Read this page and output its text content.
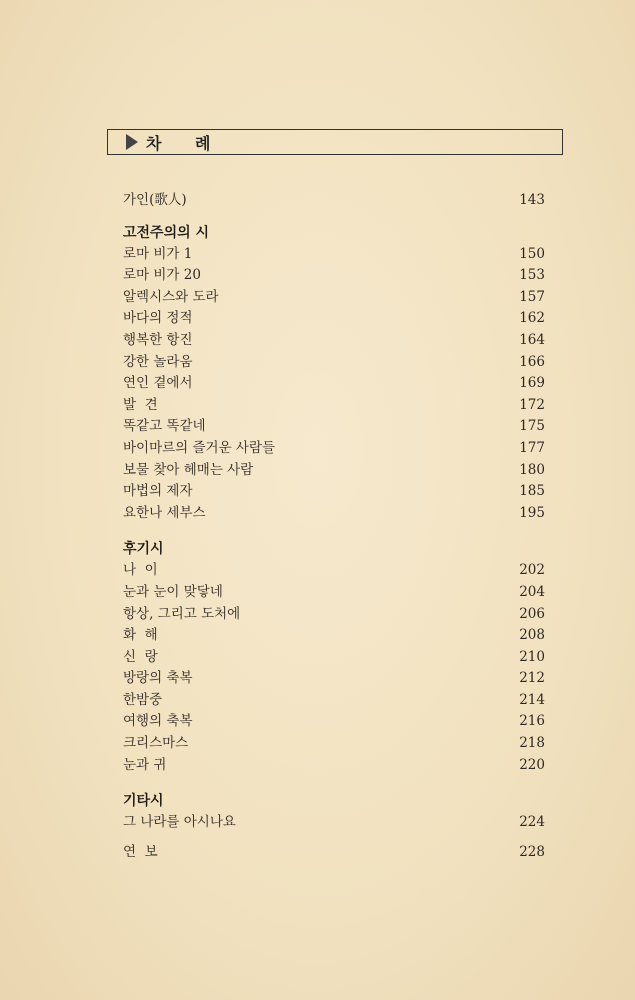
차 례
가인(歌人)	143
고전주의의 시
로마 비가 1	150
로마 비가 20	153
알렉시스와 도라	157
바다의 정적	162
행복한 항진	164
강한 놀라움	166
연인 곁에서	169
발  견	172
똑같고 똑같네	175
바이마르의 즐거운 사람들	177
보물 찾아 헤매는 사람	180
마법의 제자	185
요한나 세부스	195
후기시
나  이	202
눈과 눈이 맞닿네	204
항상, 그리고 도처에	206
화  해	208
신  랑	210
방랑의 축복	212
한밤중	214
여행의 축복	216
크리스마스	218
눈과 귀	220
기타시
그 나라를 아시나요	224
연  보	228
